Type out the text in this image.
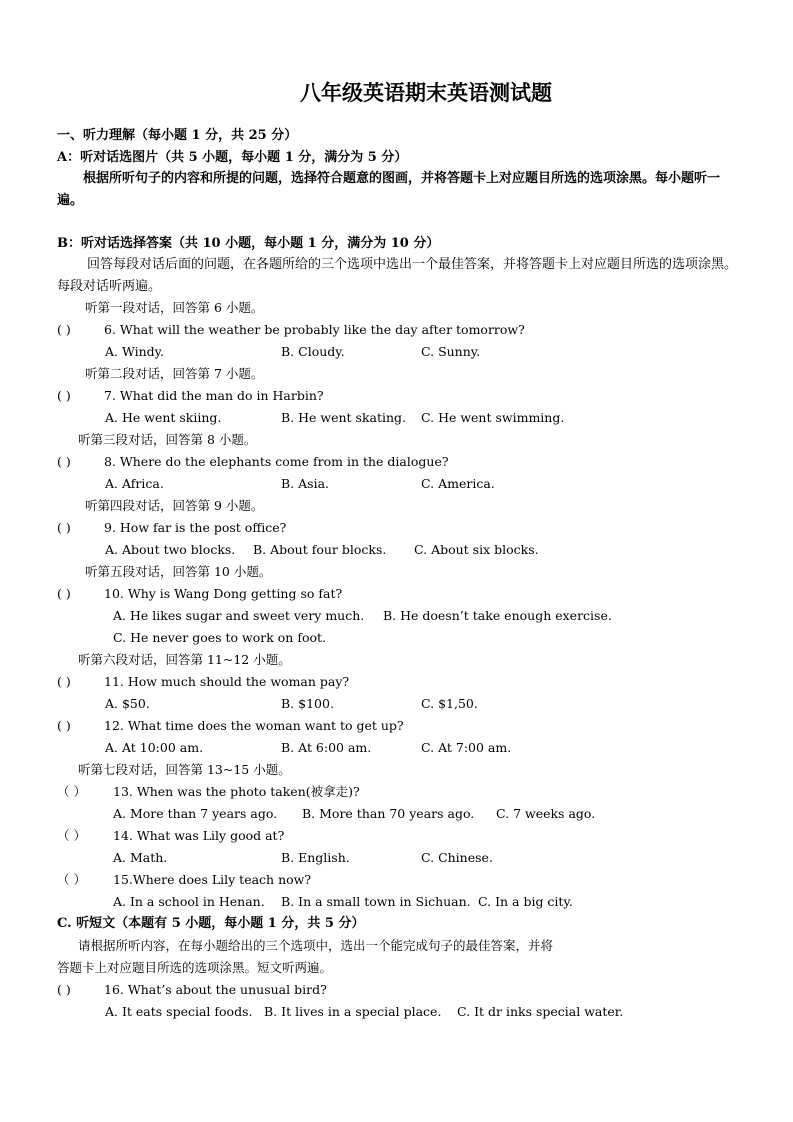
八年级英语期末英语测试题
一、听力理解（每小题 1 分，共 25 分）
A：听对话选图片（共 5 小题，每小题 1 分，满分为 5 分）
根据所听句子的内容和所提的问题，选择符合题意的图画，并将答题卡上对应题目所选的选项涂黑。每小题听一遍。
B：听对话选择答案（共 10 小题，每小题 1 分，满分为 10 分）
回答每段对话后面的问题，在各题所给的三个选项中选出一个最佳答案，并将答题卡上对应题目所选的选项涂黑。每段对话听两遍。
听第一段对话，回答第 6 小题。
( )	6. What will the weather be probably like the day after tomorrow?
A. Windy.	B. Cloudy.	C. Sunny.
听第二段对话，回答第 7 小题。
( )	7. What did the man do in Harbin?
A. He went skiing.	B. He went skating. C. He went swimming.
听第三段对话，回答第 8 小题。
( )	8. Where do the elephants come from in the dialogue?
A. Africa.	B. Asia.	C. America.
听第四段对话，回答第 9 小题。
( )	9. How far is the post office?
A. About two blocks. B. About four blocks. C. About six blocks.
听第五段对话，回答第 10 小题。
( )	10. Why is Wang Dong getting so fat?
A. He likes sugar and sweet very much. B. He doesn’t take enough exercise.
C. He never goes to work on foot.
听第六段对话，回答第 11~12 小题。
( )	11. How much should the woman pay?
A. $50.	B. $100.	C. $1,50.
( )	12. What time does the woman want to get up?
A. At 10:00 am.	B. At 6:00 am.	C. At 7:00 am.
听第七段对话，回答第 13~15 小题。
（ ） 13. When was the photo taken(被拿走)?
A. More than 7 years ago. B. More than 70 years ago. C. 7 weeks ago.
（ ） 14. What was Lily good at?
A. Math.	B. English.	C. Chinese.
（ ） 15.Where does Lily teach now?
A. In a school in Henan. B. In a small town in Sichuan. C. In a big city.
C. 听短文（本题有 5 小题，每小题 1 分，共 5 分）
请根据所听内容，在每小题给出的三个选项中，选出一个能完成句子的最佳答案，并将
答题卡上对应题目所选的选项涂黑。短文听两遍。
( )	16. What’s about the unusual bird?
A. It eats special foods. B. It lives in a special place. C. It dr inks special water.
